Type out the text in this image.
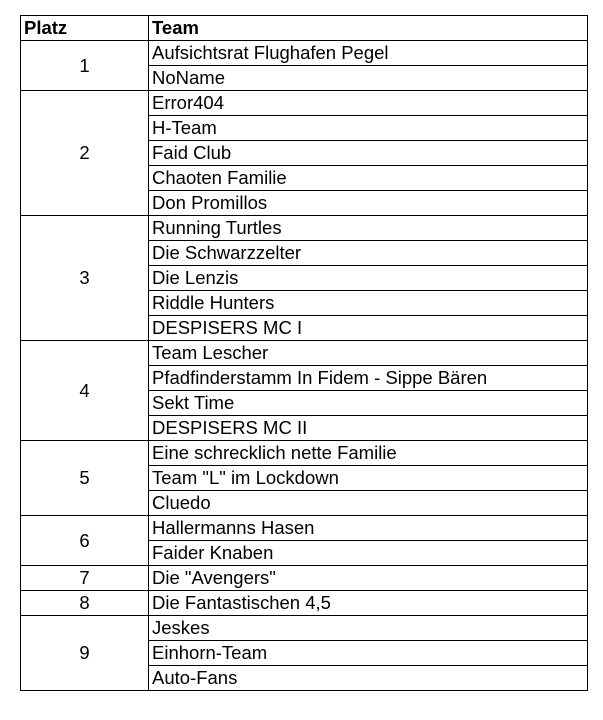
Platz	Team
1	Aufsichtsrat Flughafen Pegel
	NoName
2	Error404
	H-Team
	Faid Club
	Chaoten Familie
	Don Promillos
3	Running Turtles
	Die Schwarzzelter
	Die Lenzis
	Riddle Hunters
	DESPISERS MC I
4	Team Lescher
	Pfadfinderstamm In Fidem - Sippe Bären
	Sekt Time
	DESPISERS MC II
5	Eine schrecklich nette Familie
	Team "L" im Lockdown
	Cluedo
6	Hallermanns Hasen
	Faider Knaben
7	Die "Avengers"
8	Die Fantastischen 4,5
9	Jeskes
	Einhorn-Team
	Auto-Fans
